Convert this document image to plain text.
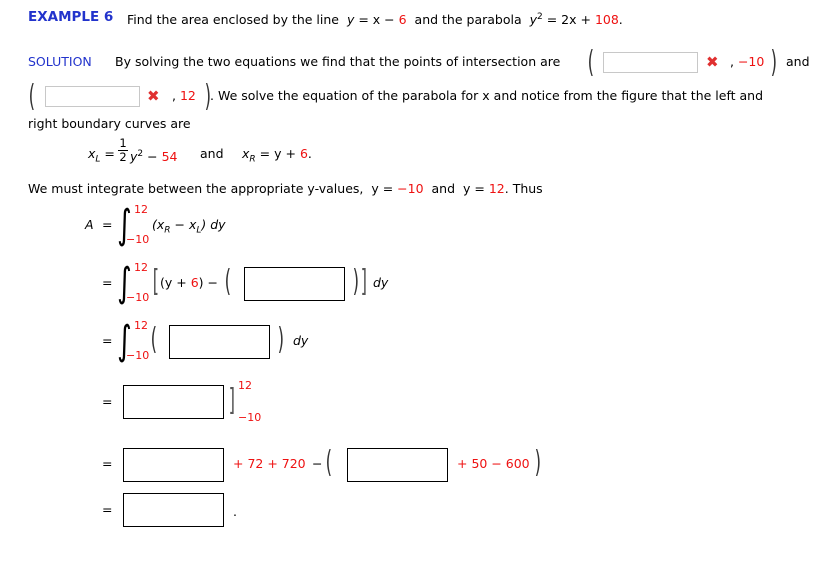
EXAMPLE 6 Find the area enclosed by the line y = x − 6 and the parabola $y^2 = 2x + 108$.
SOLUTION By solving the two equations we find that the points of intersection are (	✖ , −10 ) and
(	✖ , 12 )
. We solve the equation of the parabola for x and notice from the figure that the left and
right boundary curves are
$x_L$ =
1
2 $y^2 - 54$ and $x_R = y + 6$.
We must integrate between the appropriate y-values, y = −10 and y = 12. Thus
A = ∫ 12
−10
$(x_R - x_L)$ dy
= ∫ 12
−10 [ (y + 6) − (	) ] dy
= ∫ 12
−10 (	) dy
=	] 12
−10
=	+ 72 + 720 − (	+ 50 − 600 )
=	.
